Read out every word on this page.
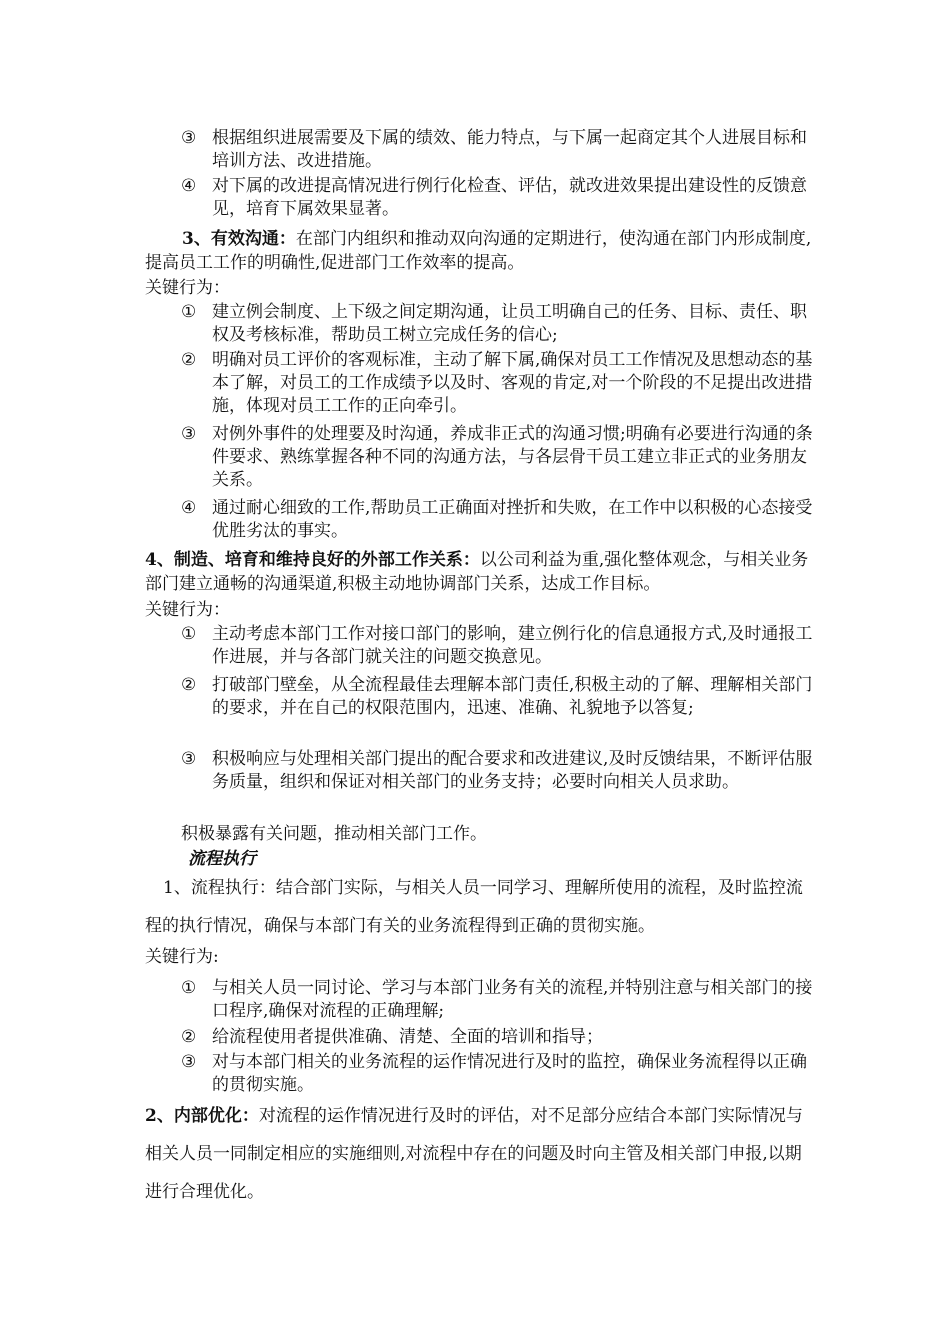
③ 根据组织进展需要及下属的绩效、能力特点，与下属一起商定其个人进展目标和培训方法、改进措施。
④ 对下属的改进提高情况进行例行化检查、评估，就改进效果提出建设性的反馈意见，培育下属效果显著。
3、有效沟通：在部门内组织和推动双向沟通的定期进行，使沟通在部门内形成制度,提高员工工作的明确性,促进部门工作效率的提高。
关键行为：
① 建立例会制度、上下级之间定期沟通，让员工明确自己的任务、目标、责任、职权及考核标准，帮助员工树立完成任务的信心;
② 明确对员工评价的客观标准，主动了解下属,确保对员工工作情况及思想动态的基本了解，对员工的工作成绩予以及时、客观的肯定,对一个阶段的不足提出改进措施，体现对员工工作的正向牵引。
③ 对例外事件的处理要及时沟通，养成非正式的沟通习惯;明确有必要进行沟通的条件要求、熟练掌握各种不同的沟通方法，与各层骨干员工建立非正式的业务朋友关系。
④ 通过耐心细致的工作,帮助员工正确面对挫折和失败，在工作中以积极的心态接受优胜劣汰的事实。
4、制造、培育和维持良好的外部工作关系：以公司利益为重,强化整体观念，与相关业务部门建立通畅的沟通渠道,积极主动地协调部门关系，达成工作目标。
关键行为：
① 主动考虑本部门工作对接口部门的影响，建立例行化的信息通报方式,及时通报工作进展，并与各部门就关注的问题交换意见。
② 打破部门壁垒，从全流程最佳去理解本部门责任,积极主动的了解、理解相关部门的要求，并在自己的权限范围内，迅速、准确、礼貌地予以答复;
③ 积极响应与处理相关部门提出的配合要求和改进建议,及时反馈结果，不断评估服务质量，组织和保证对相关部门的业务支持；必要时向相关人员求助。
积极暴露有关问题，推动相关部门工作。
流程执行
1、流程执行：结合部门实际，与相关人员一同学习、理解所使用的流程，及时监控流程的执行情况，确保与本部门有关的业务流程得到正确的贯彻实施。
关键行为:
① 与相关人员一同讨论、学习与本部门业务有关的流程,并特别注意与相关部门的接口程序,确保对流程的正确理解;
② 给流程使用者提供准确、清楚、全面的培训和指导；
③ 对与本部门相关的业务流程的运作情况进行及时的监控，确保业务流程得以正确的贯彻实施。
2、内部优化：对流程的运作情况进行及时的评估，对不足部分应结合本部门实际情况与相关人员一同制定相应的实施细则,对流程中存在的问题及时向主管及相关部门申报,以期进行合理优化。
